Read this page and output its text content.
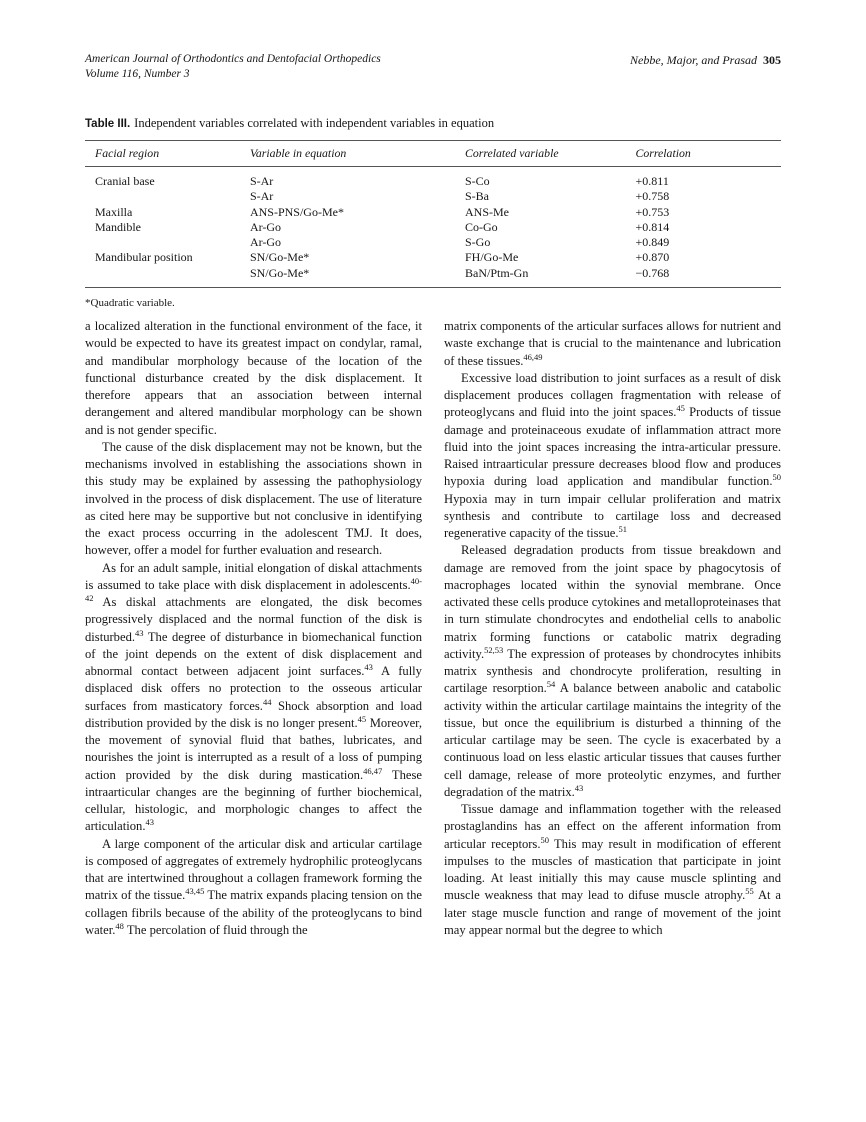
American Journal of Orthodontics and Dentofacial Orthopedics
Volume 116, Number 3
Nebbe, Major, and Prasad 305
Table III. Independent variables correlated with independent variables in equation
Facial region	Variable in equation	Correlated variable	Correlation
Cranial base	S-Ar	S-Co	+0.811
	S-Ar	S-Ba	+0.758
Maxilla	ANS-PNS/Go-Me*	ANS-Me	+0.753
Mandible	Ar-Go	Co-Go	+0.814
	Ar-Go	S-Go	+0.849
Mandibular position	SN/Go-Me*	FH/Go-Me	+0.870
	SN/Go-Me*	BaN/Ptm-Gn	−0.768
*Quadratic variable.

a localized alteration in the functional environment of the face, it would be expected to have its greatest impact on condylar, ramal, and mandibular morphology because of the location of the functional disturbance created by the disk displacement. It therefore appears that an association between internal derangement and altered mandibular morphology can be shown and is not gender specific.

The cause of the disk displacement may not be known, but the mechanisms involved in establishing the associations shown in this study may be explained by assessing the pathophysiology involved in the process of disk displacement. The use of literature as cited here may be supportive but not conclusive in identifying the exact process occurring in the adolescent TMJ. It does, however, offer a model for further evaluation and research.

As for an adult sample, initial elongation of diskal attachments is assumed to take place with disk displacement in adolescents.$^{40-42}$ As diskal attachments are elongated, the disk becomes progressively displaced and the normal function of the disk is disturbed.$^{43}$ The degree of disturbance in biomechanical function of the joint depends on the extent of disk displacement and abnormal contact between adjacent joint surfaces.$^{43}$ A fully displaced disk offers no protection to the osseous articular surfaces from masticatory forces.$^{44}$ Shock absorption and load distribution provided by the disk is no longer present.$^{45}$ Moreover, the movement of synovial fluid that bathes, lubricates, and nourishes the joint is interrupted as a result of a loss of pumping action provided by the disk during mastication.$^{46,47}$ These intraarticular changes are the beginning of further biochemical, cellular, histologic, and morphologic changes to affect the articulation.$^{43}$

A large component of the articular disk and articular cartilage is composed of aggregates of extremely hydrophilic proteoglycans that are intertwined throughout a collagen framework forming the matrix of the tissue.$^{43,45}$ The matrix expands placing tension on the collagen fibrils because of the ability of the proteoglycans to bind water.$^{48}$ The percolation of fluid through the

matrix components of the articular surfaces allows for nutrient and waste exchange that is crucial to the maintenance and lubrication of these tissues.$^{46,49}$

Excessive load distribution to joint surfaces as a result of disk displacement produces collagen fragmentation with release of proteoglycans and fluid into the joint spaces.$^{45}$ Products of tissue damage and proteinaceous exudate of inflammation attract more fluid into the joint spaces increasing the intra-articular pressure. Raised intraarticular pressure decreases blood flow and produces hypoxia during load application and mandibular function.$^{50}$ Hypoxia may in turn impair cellular proliferation and matrix synthesis and contribute to cartilage loss and decreased regenerative capacity of the tissue.$^{51}$

Released degradation products from tissue breakdown and damage are removed from the joint space by phagocytosis of macrophages located within the synovial membrane. Once activated these cells produce cytokines and metalloproteinases that in turn stimulate chondrocytes and endothelial cells to anabolic matrix forming functions or catabolic matrix degrading activity.$^{52,53}$ The expression of proteases by chondrocytes inhibits matrix synthesis and chondrocyte proliferation, resulting in cartilage resorption.$^{54}$ A balance between anabolic and catabolic activity within the articular cartilage maintains the integrity of the tissue, but once the equilibrium is disturbed a thinning of the articular cartilage may be seen. The cycle is exacerbated by a continuous load on less elastic articular tissues that causes further cell damage, release of more proteolytic enzymes, and further degradation of the matrix.$^{43}$

Tissue damage and inflammation together with the released prostaglandins has an effect on the afferent information from articular receptors.$^{50}$ This may result in modification of efferent impulses to the muscles of mastication that participate in joint loading. At least initially this may cause muscle splinting and muscle weakness that may lead to difuse muscle atrophy.$^{55}$ At a later stage muscle function and range of movement of the joint may appear normal but the degree to which
